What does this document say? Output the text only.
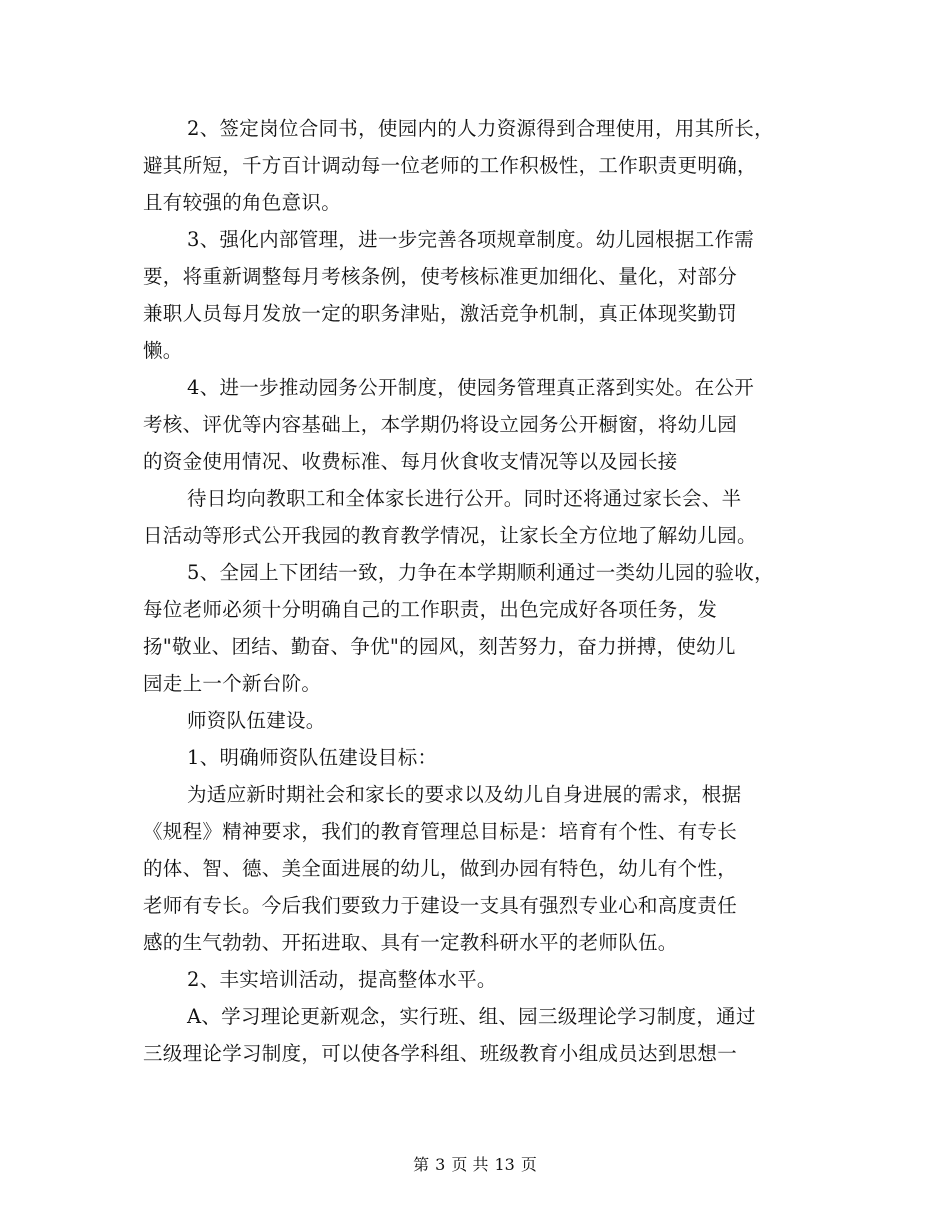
2、签定岗位合同书，使园内的人力资源得到合理使用，用其所长，
避其所短，千方百计调动每一位老师的工作积极性，工作职责更明确，
且有较强的角色意识。
3、强化内部管理，进一步完善各项规章制度。幼儿园根据工作需
要，将重新调整每月考核条例，使考核标准更加细化、量化，对部分
兼职人员每月发放一定的职务津贴，激活竞争机制，真正体现奖勤罚
懒。
4、进一步推动园务公开制度，使园务管理真正落到实处。在公开
考核、评优等内容基础上，本学期仍将设立园务公开橱窗，将幼儿园
的资金使用情况、收费标准、每月伙食收支情况等以及园长接
待日均向教职工和全体家长进行公开。同时还将通过家长会、半
日活动等形式公开我园的教育教学情况，让家长全方位地了解幼儿园。
5、全园上下团结一致，力争在本学期顺利通过一类幼儿园的验收，
每位老师必须十分明确自己的工作职责，出色完成好各项任务，发
扬"敬业、团结、勤奋、争优"的园风，刻苦努力，奋力拼搏，使幼儿
园走上一个新台阶。
师资队伍建设。
1、明确师资队伍建设目标：
为适应新时期社会和家长的要求以及幼儿自身进展的需求，根据
《规程》精神要求，我们的教育管理总目标是：培育有个性、有专长
的体、智、德、美全面进展的幼儿，做到办园有特色，幼儿有个性，
老师有专长。今后我们要致力于建设一支具有强烈专业心和高度责任
感的生气勃勃、开拓进取、具有一定教科研水平的老师队伍。
2、丰实培训活动，提高整体水平。
A、学习理论更新观念，实行班、组、园三级理论学习制度，通过
三级理论学习制度，可以使各学科组、班级教育小组成员达到思想一
第 3 页 共 13 页
